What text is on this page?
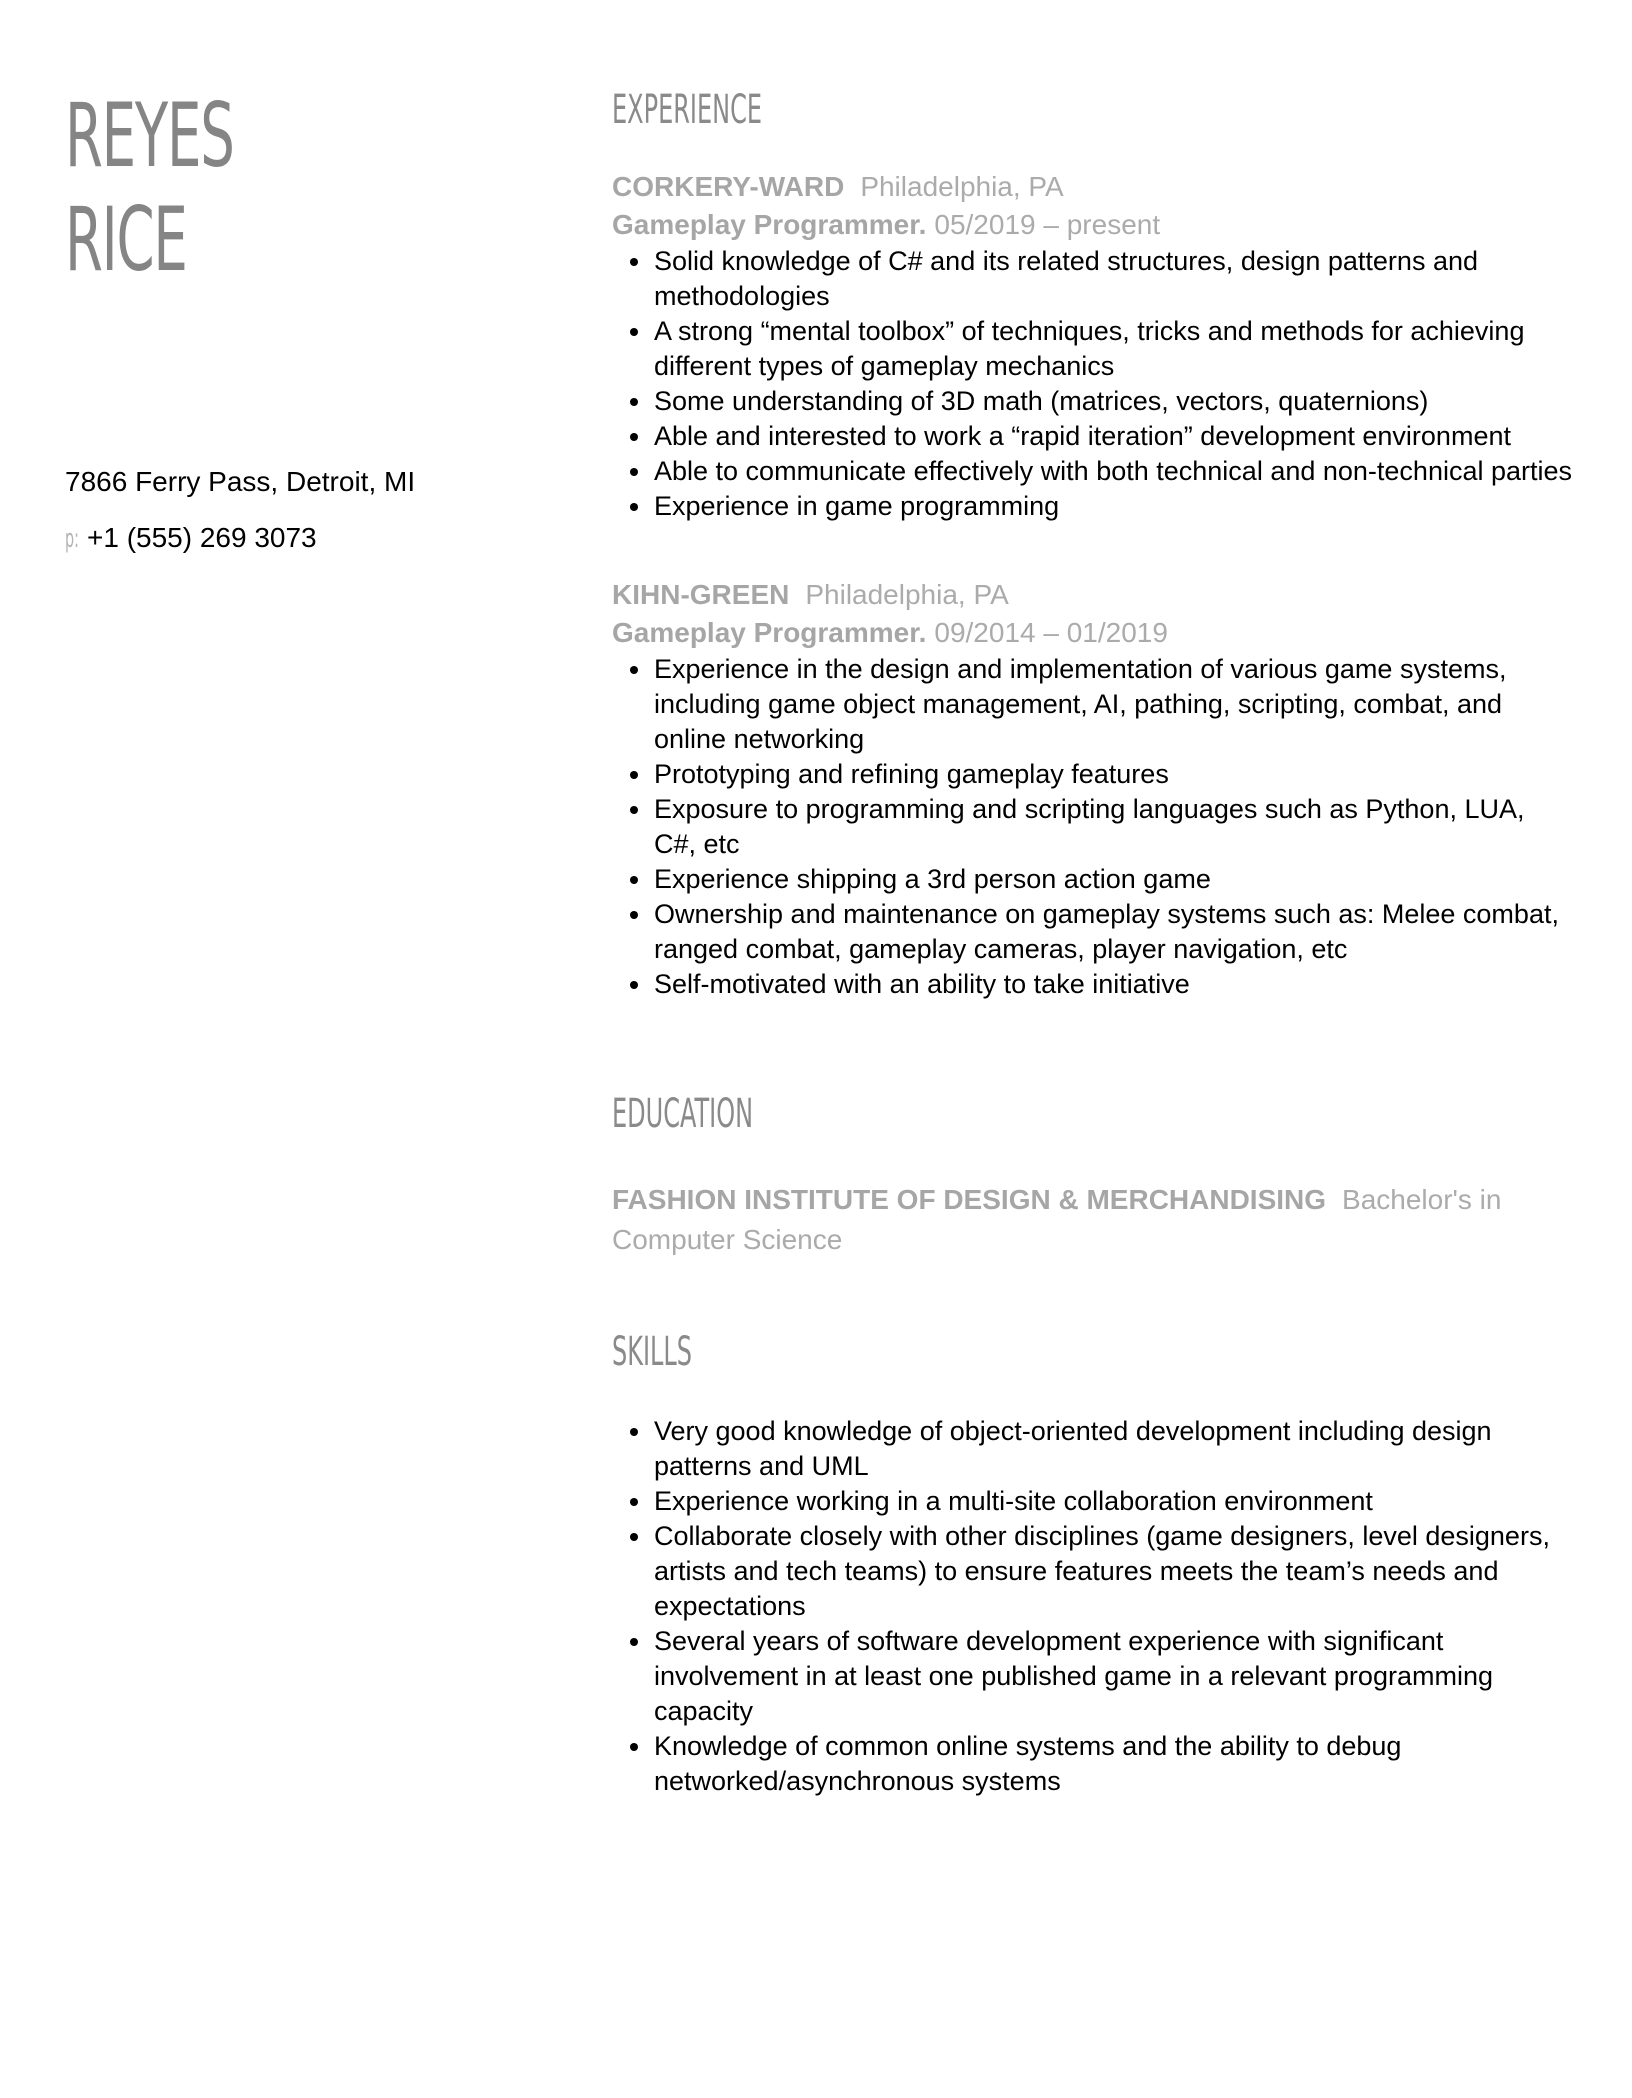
REYES
RICE
7866 Ferry Pass, Detroit, MI
p: +1 (555) 269 3073
EXPERIENCE
CORKERY-WARD Philadelphia, PA
Gameplay Programmer. 05/2019 – present
Solid knowledge of C# and its related structures, design patterns and methodologies
A strong “mental toolbox” of techniques, tricks and methods for achieving different types of gameplay mechanics
Some understanding of 3D math (matrices, vectors, quaternions)
Able and interested to work a “rapid iteration” development environment
Able to communicate effectively with both technical and non-technical parties
Experience in game programming
KIHN-GREEN Philadelphia, PA
Gameplay Programmer. 09/2014 – 01/2019
Experience in the design and implementation of various game systems, including game object management, AI, pathing, scripting, combat, and online networking
Prototyping and refining gameplay features
Exposure to programming and scripting languages such as Python, LUA, C#, etc
Experience shipping a 3rd person action game
Ownership and maintenance on gameplay systems such as: Melee combat, ranged combat, gameplay cameras, player navigation, etc
Self-motivated with an ability to take initiative
EDUCATION
FASHION INSTITUTE OF DESIGN & MERCHANDISING Bachelor's in Computer Science
SKILLS
Very good knowledge of object-oriented development including design patterns and UML
Experience working in a multi-site collaboration environment
Collaborate closely with other disciplines (game designers, level designers, artists and tech teams) to ensure features meets the team’s needs and expectations
Several years of software development experience with significant involvement in at least one published game in a relevant programming capacity
Knowledge of common online systems and the ability to debug networked/asynchronous systems
